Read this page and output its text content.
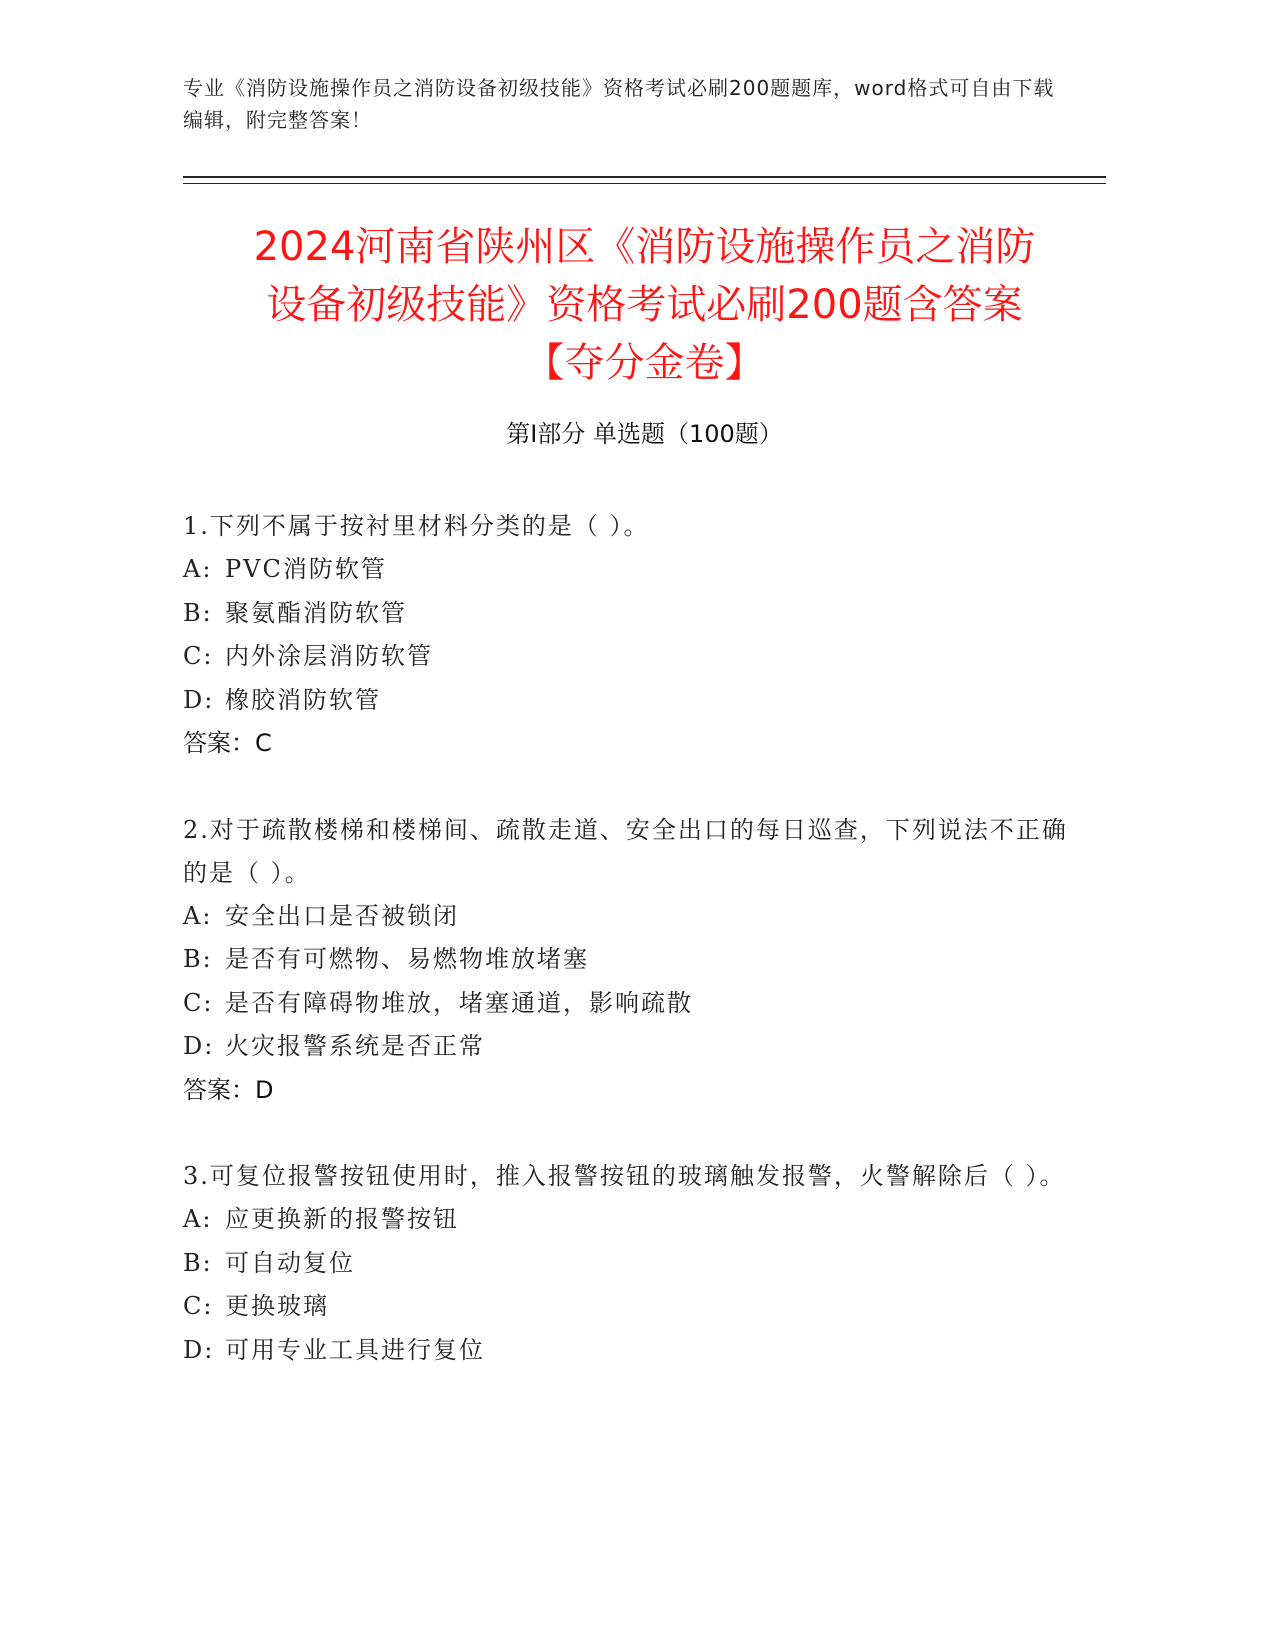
专业《消防设施操作员之消防设备初级技能》资格考试必刷200题题库，word格式可自由下载编辑，附完整答案！
2024河南省陕州区《消防设施操作员之消防
设备初级技能》资格考试必刷200题含答案
【夺分金卷】
第Ⅰ部分 单选题（100题）

1.下列不属于按衬里材料分类的是（ ）。

A: PVC消防软管
B: 聚氨酯消防软管
C: 内外涂层消防软管
D: 橡胶消防软管
答案：C

2.对于疏散楼梯和楼梯间、疏散走道、安全出口的每日巡查，下列说法不正确的是（ ）。

A: 安全出口是否被锁闭
B: 是否有可燃物、易燃物堆放堵塞
C: 是否有障碍物堆放，堵塞通道，影响疏散
D: 火灾报警系统是否正常
答案：D

3.可复位报警按钮使用时，推入报警按钮的玻璃触发报警，火警解除后（ ）。

A: 应更换新的报警按钮
B: 可自动复位
C: 更换玻璃
D: 可用专业工具进行复位
